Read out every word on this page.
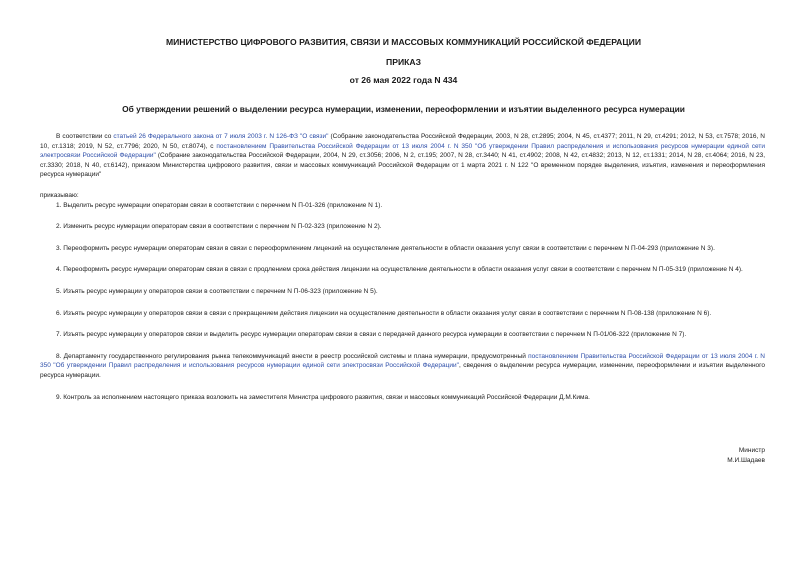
МИНИСТЕРСТВО ЦИФРОВОГО РАЗВИТИЯ, СВЯЗИ И МАССОВЫХ КОММУНИКАЦИЙ РОССИЙСКОЙ ФЕДЕРАЦИИ
ПРИКАЗ
от 26 мая 2022 года N 434
Об утверждении решений о выделении ресурса нумерации, изменении, переоформлении и изъятии выделенного ресурса нумерации

В соответствии со статьей 26 Федерального закона от 7 июля 2003 г. N 126-ФЗ "О связи" (Собрание законодательства Российской Федерации, 2003, N 28, ст.2895; 2004, N 45, ст.4377; 2011, N 29, ст.4291; 2012, N 53, ст.7578; 2016, N 10, ст.1318; 2019, N 52, ст.7796; 2020, N 50, ст.8074), с постановлением Правительства Российской Федерации от 13 июля 2004 г. N 350 "Об утверждении Правил распределения и использования ресурсов нумерации единой сети электросвязи Российской Федерации" (Собрание законодательства Российской Федерации, 2004, N 29, ст.3056; 2006, N 2, ст.195; 2007, N 28, ст.3440; N 41, ст.4902; 2008, N 42, ст.4832; 2013, N 12, ст.1331; 2014, N 28, ст.4064; 2016, N 23, ст.3330; 2018, N 40, ст.6142), приказом Министерства цифрового развития, связи и массовых коммуникаций Российской Федерации от 1 марта 2021 г. N 122 "О временном порядке выделения, изъятия, изменения и переоформления ресурса нумерации"

приказываю:

1. Выделить ресурс нумерации операторам связи в соответствии с перечнем N П-01-326 (приложение N 1).

2. Изменить ресурс нумерации операторам связи в соответствии с перечнем N П-02-323 (приложение N 2).

3. Переоформить ресурс нумерации операторам связи в связи с переоформлением лицензий на осуществление деятельности в области оказания услуг связи в соответствии с перечнем N П-04-293 (приложение N 3).

4. Переоформить ресурс нумерации операторам связи в связи с продлением срока действия лицензии на осуществление деятельности в области оказания услуг связи в соответствии с перечнем N П-05-319 (приложение N 4).

5. Изъять ресурс нумерации у операторов связи в соответствии с перечнем N П-06-323 (приложение N 5).

6. Изъять ресурс нумерации у операторов связи в связи с прекращением действия лицензии на осуществление деятельности в области оказания услуг связи в соответствии с перечнем N П-08-138 (приложение N 6).

7. Изъять ресурс нумерации у операторов связи и выделить ресурс нумерации операторам связи в связи с передачей данного ресурса нумерации в соответствии с перечнем N П-01/06-322 (приложение N 7).

8. Департаменту государственного регулирования рынка телекоммуникаций внести в реестр российской системы и плана нумерации, предусмотренный постановлением Правительства Российской Федерации от 13 июля 2004 г. N 350 "Об утверждении Правил распределения и использования ресурсов нумерации единой сети электросвязи Российской Федерации", сведения о выделении ресурса нумерации, изменении, переоформлении и изъятии выделенного ресурса нумерации.

9. Контроль за исполнением настоящего приказа возложить на заместителя Министра цифрового развития, связи и массовых коммуникаций Российской Федерации Д.М.Кима.

Министр
М.И.Шадаев
